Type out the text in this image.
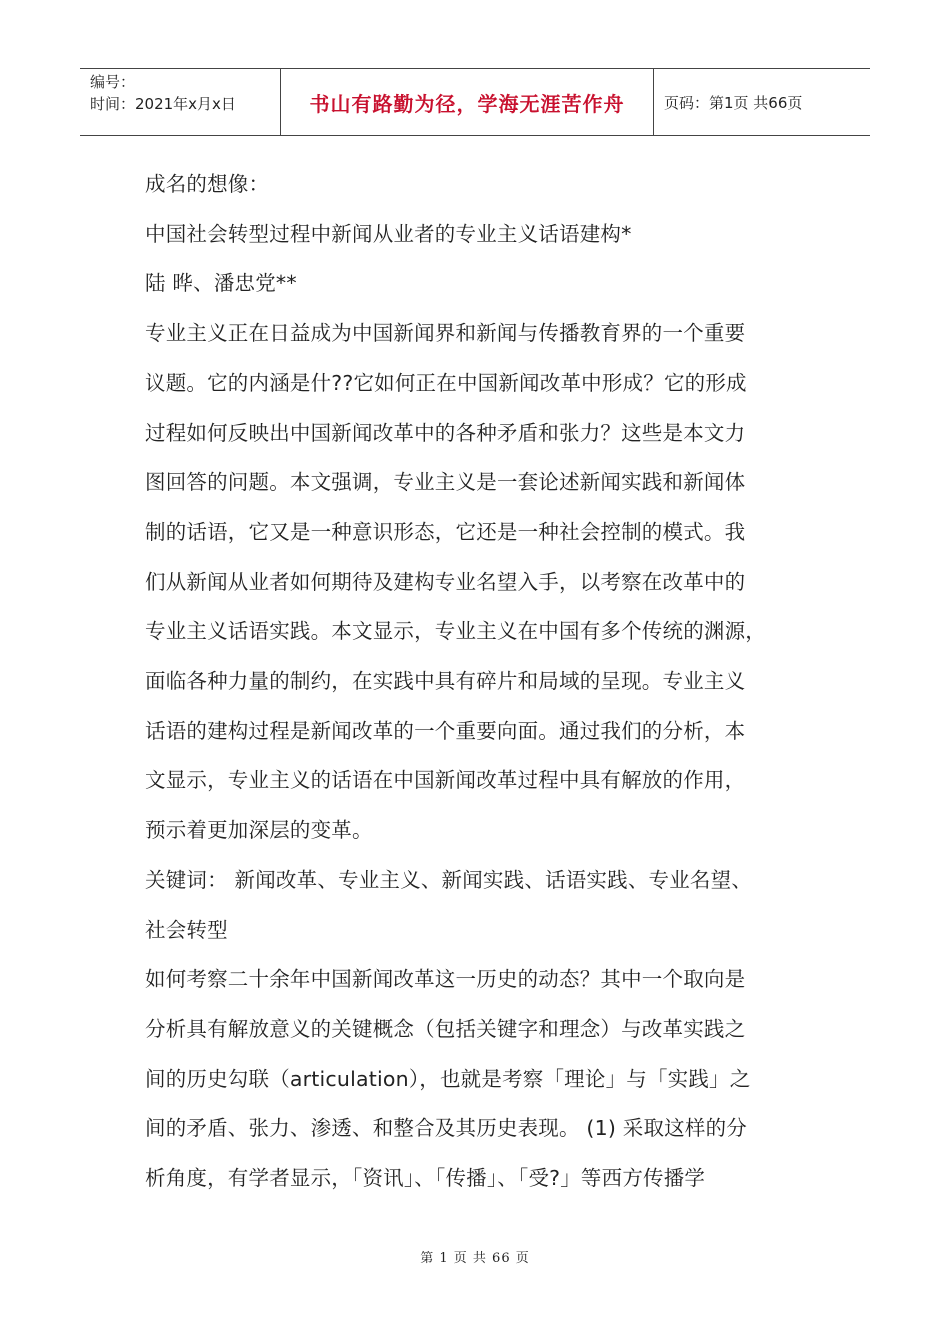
编号：
时间：2021年x月x日	书山有路勤为径，学海无涯苦作舟	页码：第1页 共66页

成名的想像：

中国社会转型过程中新闻从业者的专业主义话语建构*

陆 晔、潘忠党**

专业主义正在日益成为中国新闻界和新闻与传播教育界的一个重要

议题。它的内涵是什??它如何正在中国新闻改革中形成？它的形成

过程如何反映出中国新闻改革中的各种矛盾和张力？这些是本文力

图回答的问题。本文强调，专业主义是一套论述新闻实践和新闻体

制的话语，它又是一种意识形态，它还是一种社会控制的模式。我

们从新闻从业者如何期待及建构专业名望入手，以考察在改革中的

专业主义话语实践。本文显示，专业主义在中国有多个传统的渊源，

面临各种力量的制约，在实践中具有碎片和局域的呈现。专业主义

话语的建构过程是新闻改革的一个重要向面。通过我们的分析，本

文显示，专业主义的话语在中国新闻改革过程中具有解放的作用，

预示着更加深层的变革。

关键词： 新闻改革、专业主义、新闻实践、话语实践、专业名望、

社会转型

如何考察二十余年中国新闻改革这一历史的动态？其中一个取向是

分析具有解放意义的关键概念（包括关键字和理念）与改革实践之

间的历史勾联（articulation），也就是考察「理论」与「实践」之

间的矛盾、张力、渗透、和整合及其历史表现。 (1) 采取这样的分

析角度，有学者显示，「资讯」、「传播」、「受?」等西方传播学

第 1 页 共 66 页
